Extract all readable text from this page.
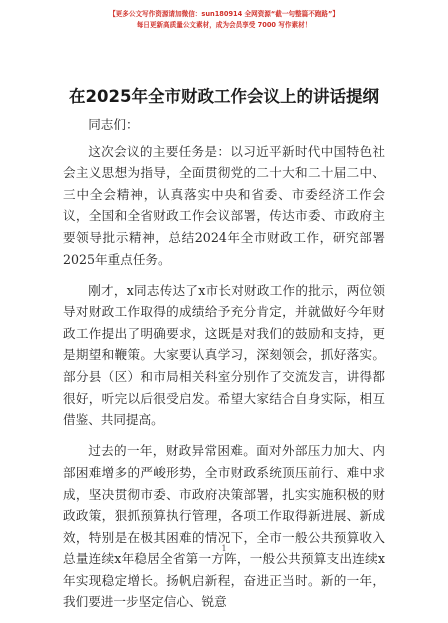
【更多公文写作资源请加微信：sun180914 全网资源“截一句整篇不跑路”】
每日更新高质量公文素材，成为会员享受 7000 写作素材！
在2025年全市财政工作会议上的讲话提纲

同志们：

这次会议的主要任务是：以习近平新时代中国特色社会主义思想为指导，全面贯彻党的二十大和二十届二中、三中全会精神，认真落实中央和省委、市委经济工作会议，全国和全省财政工作会议部署，传达市委、市政府主要领导批示精神，总结2024年全市财政工作，研究部署2025年重点任务。

刚才，x同志传达了x市长对财政工作的批示，两位领导对财政工作取得的成绩给予充分肯定，并就做好今年财政工作提出了明确要求，这既是对我们的鼓励和支持，更是期望和鞭策。大家要认真学习，深刻领会，抓好落实。部分县（区）和市局相关科室分别作了交流发言，讲得都很好，听完以后很受启发。希望大家结合自身实际，相互借鉴、共同提高。

过去的一年，财政异常困难。面对外部压力加大、内部困难增多的严峻形势，全市财政系统顶压前行、难中求成，坚决贯彻市委、市政府决策部署，扎实实施积极的财政政策，狠抓预算执行管理，各项工作取得新进展、新成效，特别是在极其困难的情况下，全市一般公共预算收入总量连续x年稳居全省第一方阵，一般公共预算支出连续x年实现稳定增长。扬帆启新程，奋进正当时。新的一年，我们要进一步坚定信心、锐意

1
